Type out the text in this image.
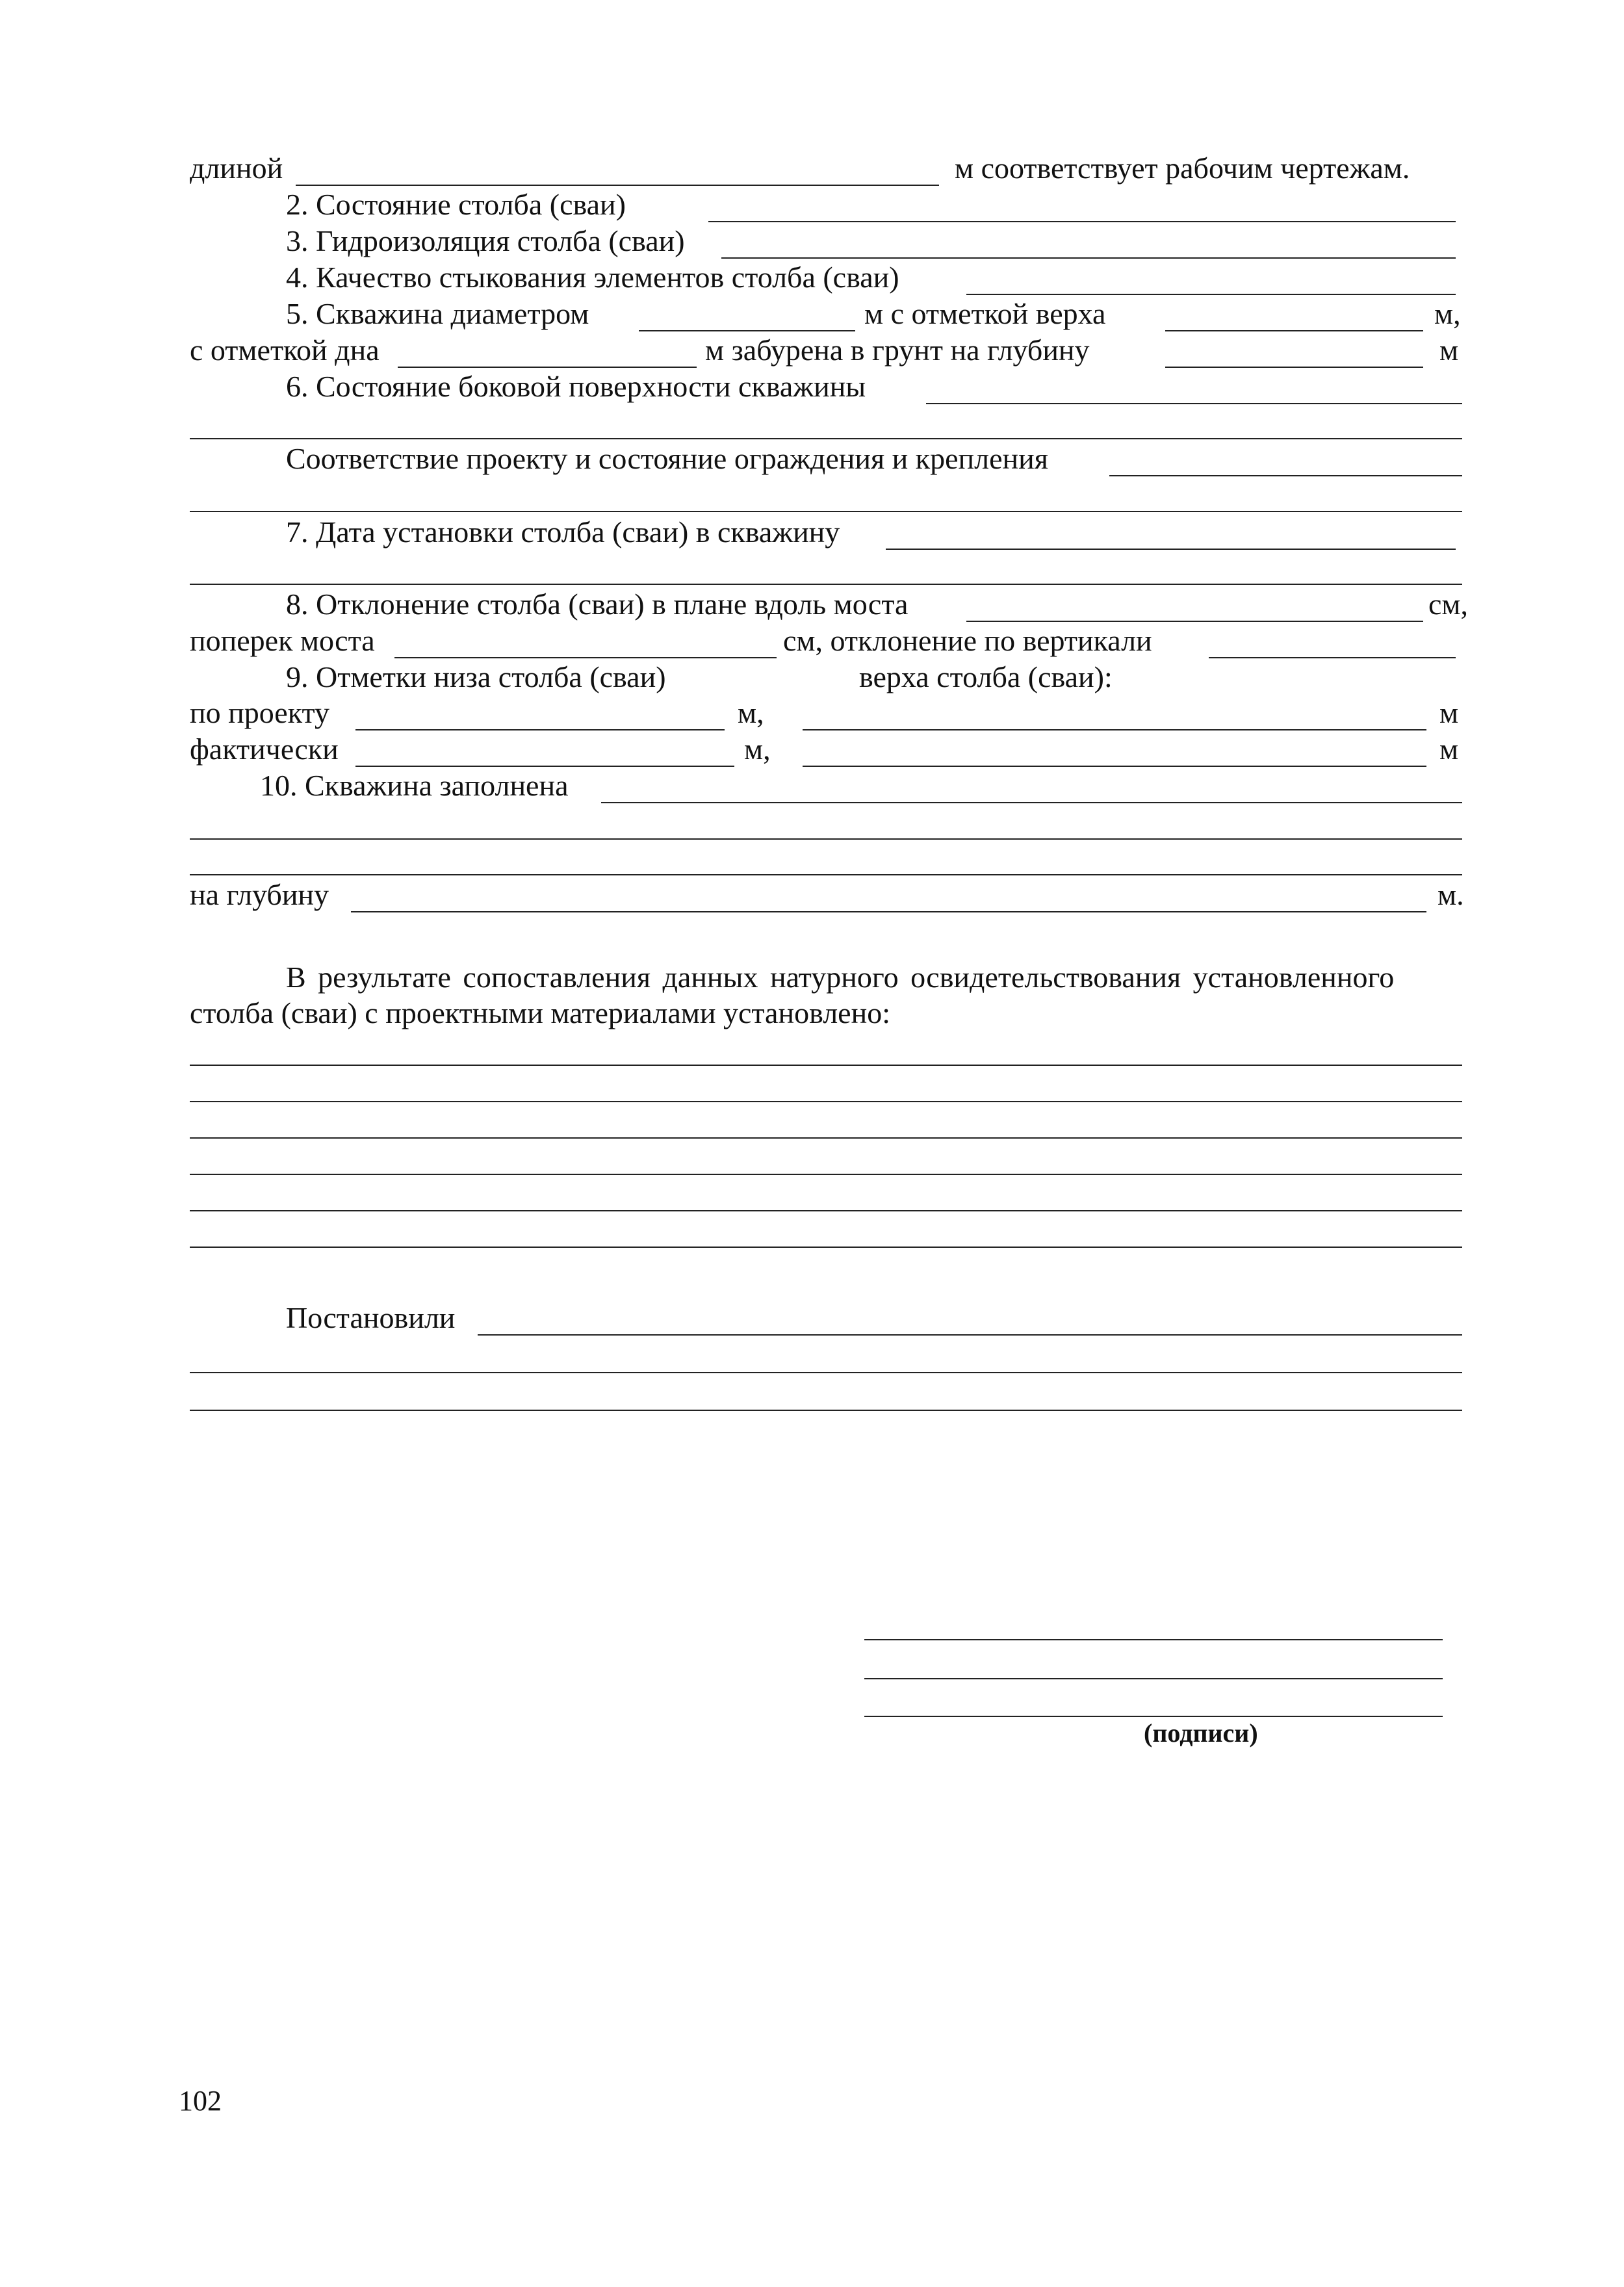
длиной	м соответствует рабочим чертежам.
2. Состояние столба (сваи)
3. Гидроизоляция столба (сваи)
4. Качество стыкования элементов столба (сваи)
5. Скважина диаметром	м с отметкой верха	м,
с отметкой дна	м забурена в грунт на глубину	м
6. Состояние боковой поверхности скважины
Соответствие проекту и состояние ограждения и крепления
7. Дата установки столба (сваи) в скважину
8. Отклонение столба (сваи) в плане вдоль моста	см,
поперек моста	см, отклонение по вертикали
9. Отметки низа столба (сваи)	верха столба (сваи):
по проекту	м,	м
фактически	м,	м
10. Скважина заполнена
на глубину	м.
В результате сопоставления данных натурного освидетельствования установленного
столба (сваи) с проектными материалами установлено:
Постановили
(подписи)
102
